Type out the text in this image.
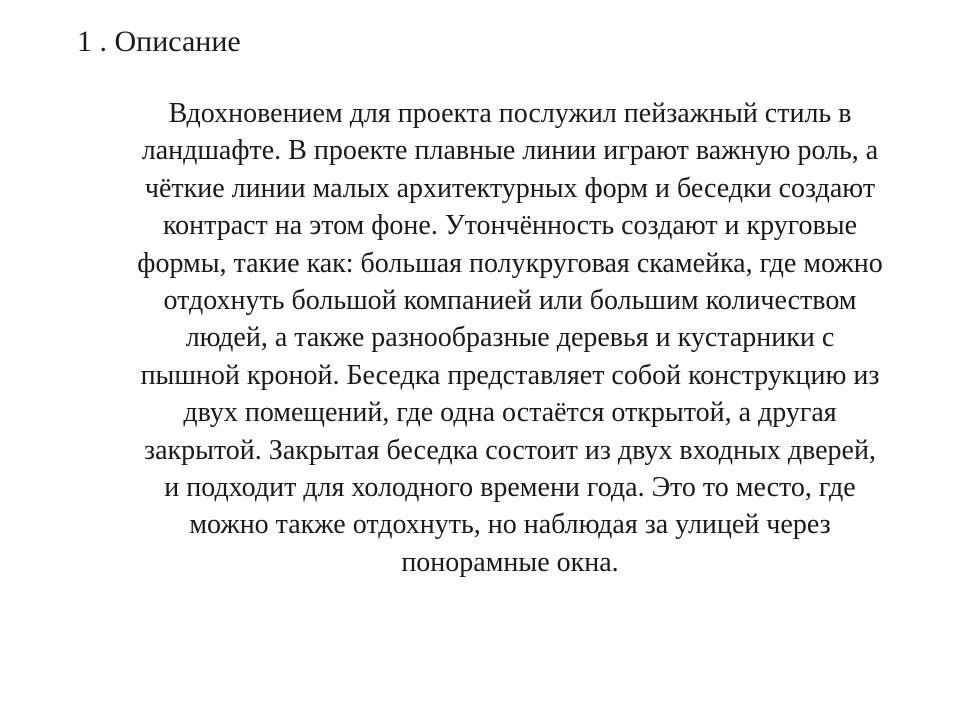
1 . Описание
Вдохновением для проекта послужил пейзажный стиль в
ландшафте. В проекте плавные линии играют важную роль, а
чёткие линии малых архитектурных форм и беседки создают
контраст на этом фоне. Утончённость создают и круговые
формы, такие как: большая полукруговая скамейка, где можно
отдохнуть большой компанией или большим количеством
людей, а также разнообразные деревья и кустарники с
пышной кроной. Беседка представляет собой конструкцию из
двух помещений, где одна остаётся открытой, а другая
закрытой. Закрытая беседка состоит из двух входных дверей,
и подходит для холодного времени года. Это то место, где
можно также отдохнуть, но наблюдая за улицей через
понорамные окна.
